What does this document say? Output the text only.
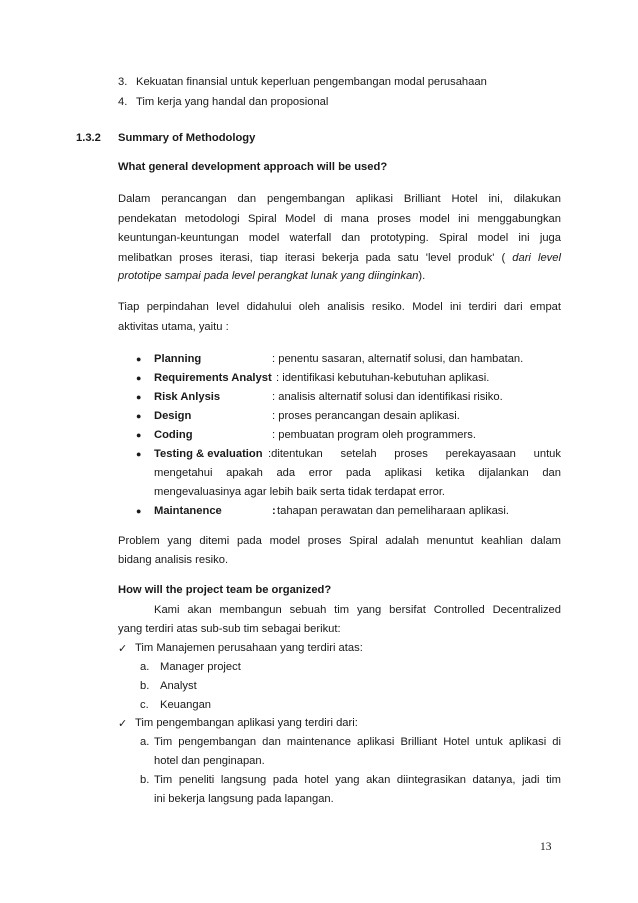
3. Kekuatan finansial untuk keperluan pengembangan modal perusahaan
4. Tim kerja yang handal dan proposional
1.3.2 Summary of Methodology
What general development approach will be used?
Dalam perancangan dan pengembangan aplikasi Brilliant Hotel ini, dilakukan
pendekatan metodologi Spiral Model di mana proses model ini menggabungkan
keuntungan-keuntungan model waterfall dan prototyping. Spiral model ini juga
melibatkan proses iterasi, tiap iterasi bekerja pada satu 'level produk' ( dari level
prototipe sampai pada level perangkat lunak yang diinginkan).
Tiap perpindahan level didahului oleh analisis resiko. Model ini terdiri dari empat
aktivitas utama, yaitu :
● Planning	: penentu sasaran, alternatif solusi, dan hambatan.
● Requirements Analyst : identifikasi kebutuhan-kebutuhan aplikasi.
● Risk Anlysis	: analisis alternatif solusi dan identifikasi risiko.
● Design	: proses perancangan desain aplikasi.
● Coding	: pembuatan program oleh programmers.
● Testing & evaluation :ditentukan setelah proses perekayasaan untuk
mengetahui apakah ada error pada aplikasi ketika dijalankan dan
mengevaluasinya agar lebih baik serta tidak terdapat error.
● Maintanence	: tahapan perawatan dan pemeliharaan aplikasi.
Problem yang ditemi pada model proses Spiral adalah menuntut keahlian dalam
bidang analisis resiko.
How will the project team be organized?
Kami akan membangun sebuah tim yang bersifat Controlled Decentralized
yang terdiri atas sub-sub tim sebagai berikut:
✓ Tim Manajemen perusahaan yang terdiri atas:
a. Manager project
b. Analyst
c. Keuangan
✓ Tim pengembangan aplikasi yang terdiri dari:
a. Tim pengembangan dan maintenance aplikasi Brilliant Hotel untuk aplikasi di
hotel dan penginapan.
b. Tim peneliti langsung pada hotel yang akan diintegrasikan datanya, jadi tim
ini bekerja langsung pada lapangan.
13
